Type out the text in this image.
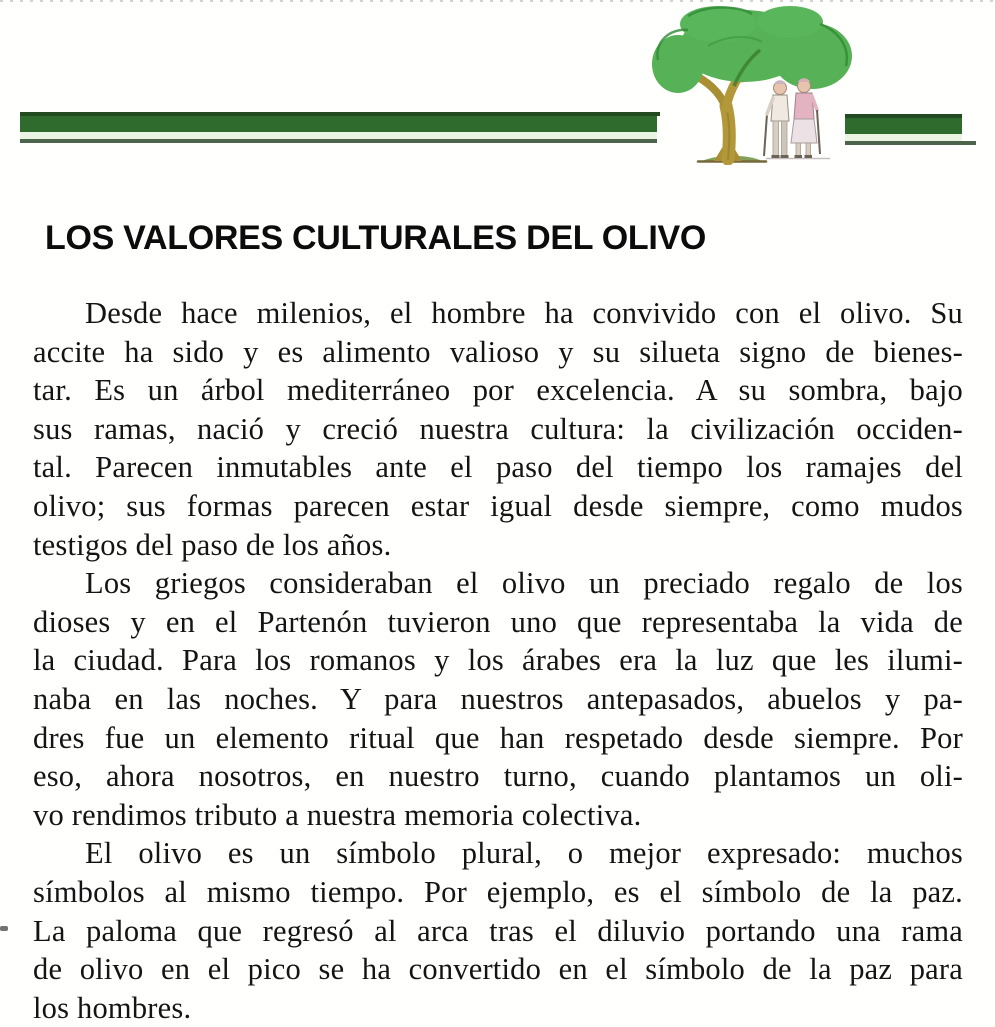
LOS VALORES CULTURALES DEL OLIVO

Desde hace milenios, el hombre ha convivido con el olivo. Su
accite ha sido y es alimento valioso y su silueta signo de bienes-
tar. Es un árbol mediterráneo por excelencia. A su sombra, bajo
sus ramas, nació y creció nuestra cultura: la civilización occiden-
tal. Parecen inmutables ante el paso del tiempo los ramajes del
olivo; sus formas parecen estar igual desde siempre, como mudos
testigos del paso de los años.

Los griegos consideraban el olivo un preciado regalo de los
dioses y en el Partenón tuvieron uno que representaba la vida de
la ciudad. Para los romanos y los árabes era la luz que les ilumi-
naba en las noches. Y para nuestros antepasados, abuelos y pa-
dres fue un elemento ritual que han respetado desde siempre. Por
eso, ahora nosotros, en nuestro turno, cuando plantamos un oli-
vo rendimos tributo a nuestra memoria colectiva.

El olivo es un símbolo plural, o mejor expresado: muchos
símbolos al mismo tiempo. Por ejemplo, es el símbolo de la paz.
La paloma que regresó al arca tras el diluvio portando una rama
de olivo en el pico se ha convertido en el símbolo de la paz para
los hombres.
